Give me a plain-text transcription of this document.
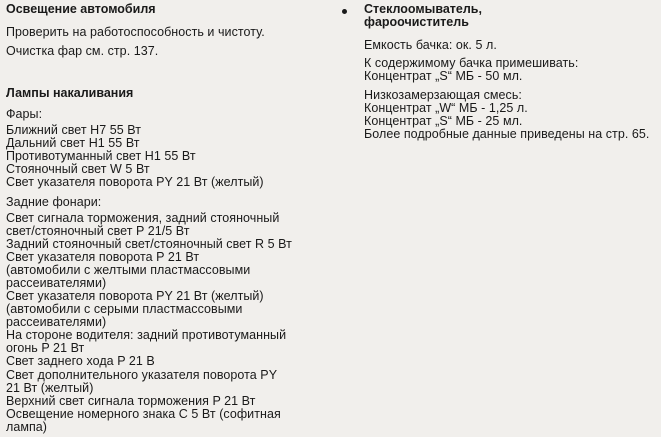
Освещение автомобиля
Проверить на работоспособность и чистоту.
Очистка фар см. стр. 137.
Лампы накаливания
Фары:
Ближний свет H7 55 Вт
Дальний свет H1 55 Вт
Противотуманный свет H1 55 Вт
Стояночный свет W 5 Вт
Свет указателя поворота PY 21 Вт (желтый)
Задние фонари:
Свет сигнала торможения, задний стояночный
свет/стояночный свет P 21/5 Вт
Задний стояночный свет/стояночный свет R 5 Вт
Свет указателя поворота P 21 Вт
(автомобили с желтыми пластмассовыми
рассеивателями)
Свет указателя поворота PY 21 Вт (желтый)
(автомобили с серыми пластмассовыми
рассеивателями)
На стороне водителя: задний противотуманный
огонь P 21 Вт
Свет заднего хода P 21 В
Свет дополнительного указателя поворота PY
21 Вт (желтый)
Верхний свет сигнала торможения P 21 Вт
Освещение номерного знака C 5 Вт (софитная
лампа)
Стеклоомыватель,
фароочиститель
Емкость бачка: ок. 5 л.
К содержимому бачка примешивать:
Концентрат „S“ МБ - 50 мл.
Низкозамерзающая смесь:
Концентрат „W“ МБ - 1,25 л.
Концентрат „S“ МБ - 25 мл.
Более подробные данные приведены на стр. 65.
